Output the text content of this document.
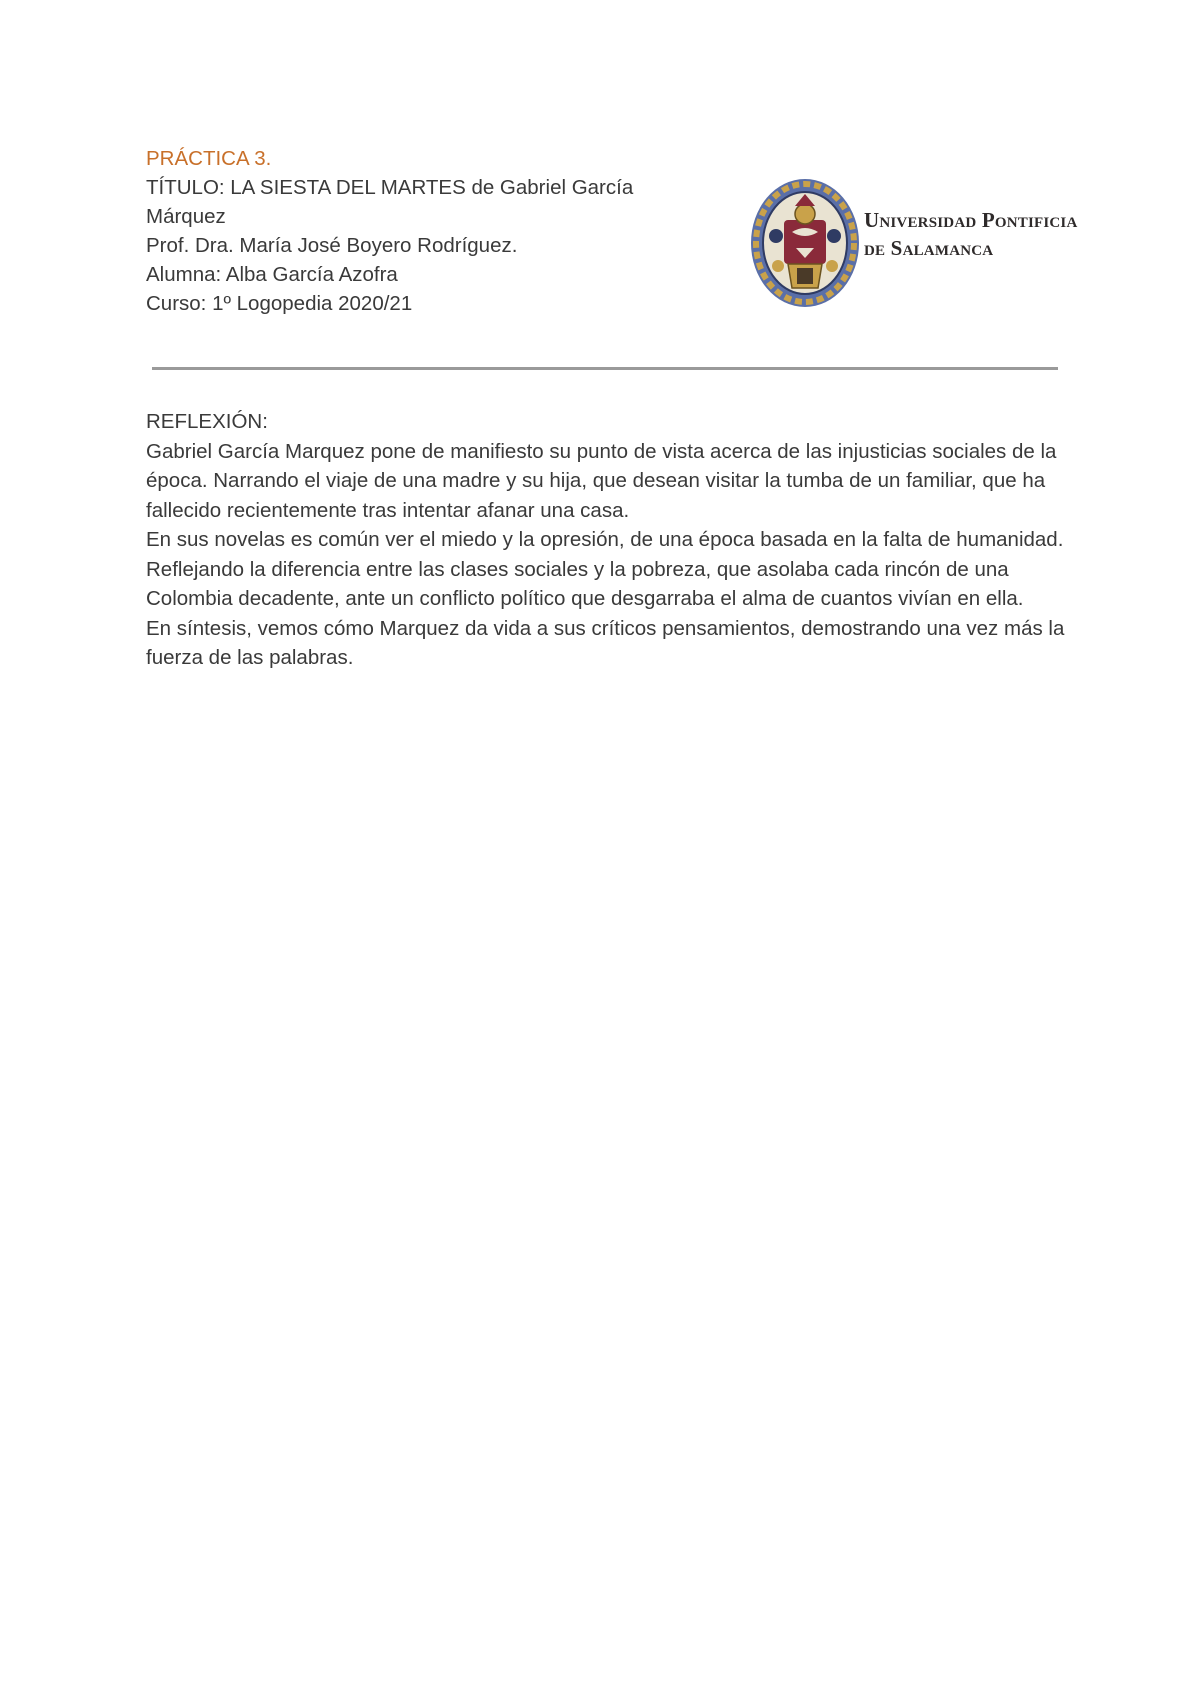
PRÁCTICA 3.
TÍTULO: LA SIESTA DEL MARTES de Gabriel García
Márquez
Prof. Dra. María José Boyero Rodríguez.
Alumna: Alba García Azofra
Curso: 1º Logopedia 2020/21
Universidad Pontificia
de Salamanca
REFLEXIÓN:

Gabriel García Marquez pone de manifiesto su punto de vista acerca de las injusticias sociales de la época. Narrando el viaje de una madre y su hija, que desean visitar la tumba de un familiar, que ha fallecido recientemente tras intentar afanar una casa.

En sus novelas es común ver el miedo y la opresión, de una época basada en la falta de humanidad. Reflejando la diferencia entre las clases sociales y la pobreza, que asolaba cada rincón de una Colombia decadente, ante un conflicto político que desgarraba el alma de cuantos vivían en ella.

En síntesis, vemos cómo Marquez da vida a sus críticos pensamientos, demostrando una vez más la fuerza de las palabras.
